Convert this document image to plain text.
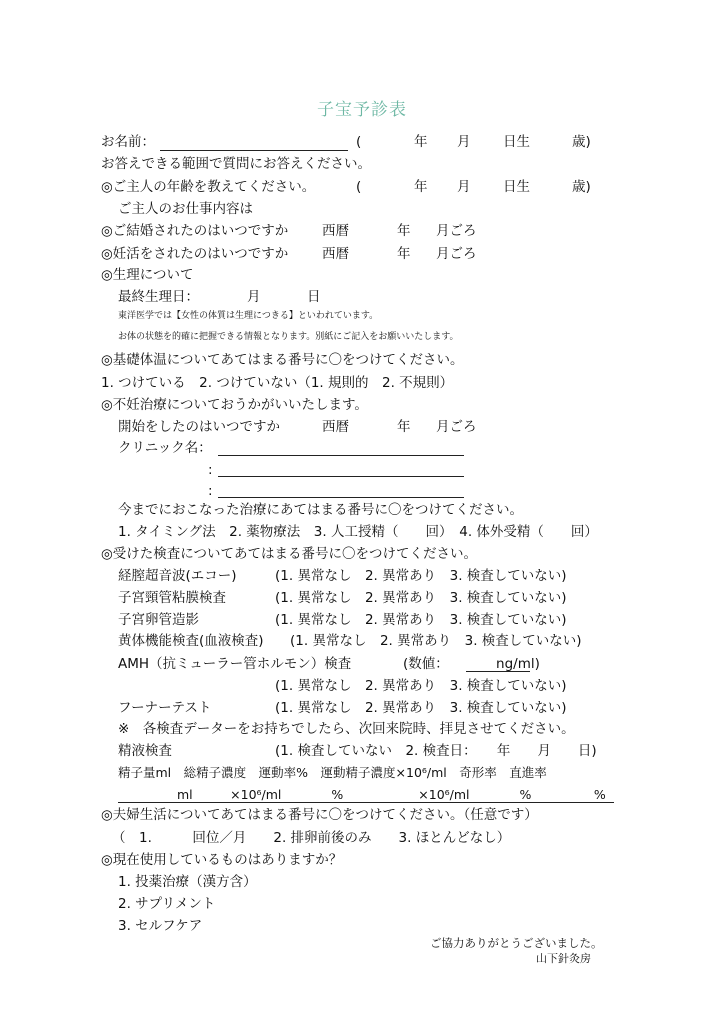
子宝予診表
お名前：	(	年 月 日生	歳)
お答えできる範囲で質問にお答えください。
◎ご主人の年齢を教えてください。	(	年 月 日生	歳)
ご主人のお仕事内容は
◎ご結婚されたのはいつですか 西暦	年 月ごろ
◎妊活をされたのはいつですか 西暦	年 月ごろ
◎生理について
最終生理日：	月	日
東洋医学では【女性の体質は生理につきる】といわれています。
お体の状態を的確に把握できる情報となります。別紙にご記入をお願いいたします。
◎基礎体温についてあてはまる番号に〇をつけてください。
1. つけている　2. つけていない（1. 規則的　2. 不規則）
◎不妊治療についておうかがいいたします。
開始をしたのはいつですか	西暦	年 月ごろ
クリニック名：
:
:
今までにおこなった治療にあてはまる番号に〇をつけてください。
1. タイミング法　2. 薬物療法　3. 人工授精（　　回）　4. 体外受精（　　回）
◎受けた検査についてあてはまる番号に〇をつけてください。
経膣超音波(エコー)	(1. 異常なし　2. 異常あり　3. 検査していない)
子宮頸管粘膜検査	(1. 異常なし　2. 異常あり　3. 検査していない)
子宮卵管造影	(1. 異常なし　2. 異常あり　3. 検査していない)
黄体機能検査(血液検査) (1. 異常なし　2. 異常あり　3. 検査していない)
AMH（抗ミューラー管ホルモン）検査	(数値：　　　　ng/ml)
(1. 異常なし　2. 異常あり　3. 検査していない)
フーナーテスト	(1. 異常なし　2. 異常あり　3. 検査していない)
※　各検査データーをお持ちでしたら、次回来院時、拝見させてください。
精液検査	(1. 検査していない　2. 検査日：　　年　　月　　日)
精子量ml　総精子濃度　運動率%　運動精子濃度×10⁶/ml　奇形率　直進率
ml　　　×10⁶/ml　　　　%　　　　　　×10⁶/ml　　　　%　　　　　%
◎夫婦生活についてあてはまる番号に〇をつけてください。（任意です）
（　1.　　　回位／月　　2. 排卵前後のみ　　3. ほとんどなし）
◎現在使用しているものはありますか？
1. 投薬治療（漢方含）
2. サプリメント
3. セルフケア
ご協力ありがとうございました。
山下針灸房
